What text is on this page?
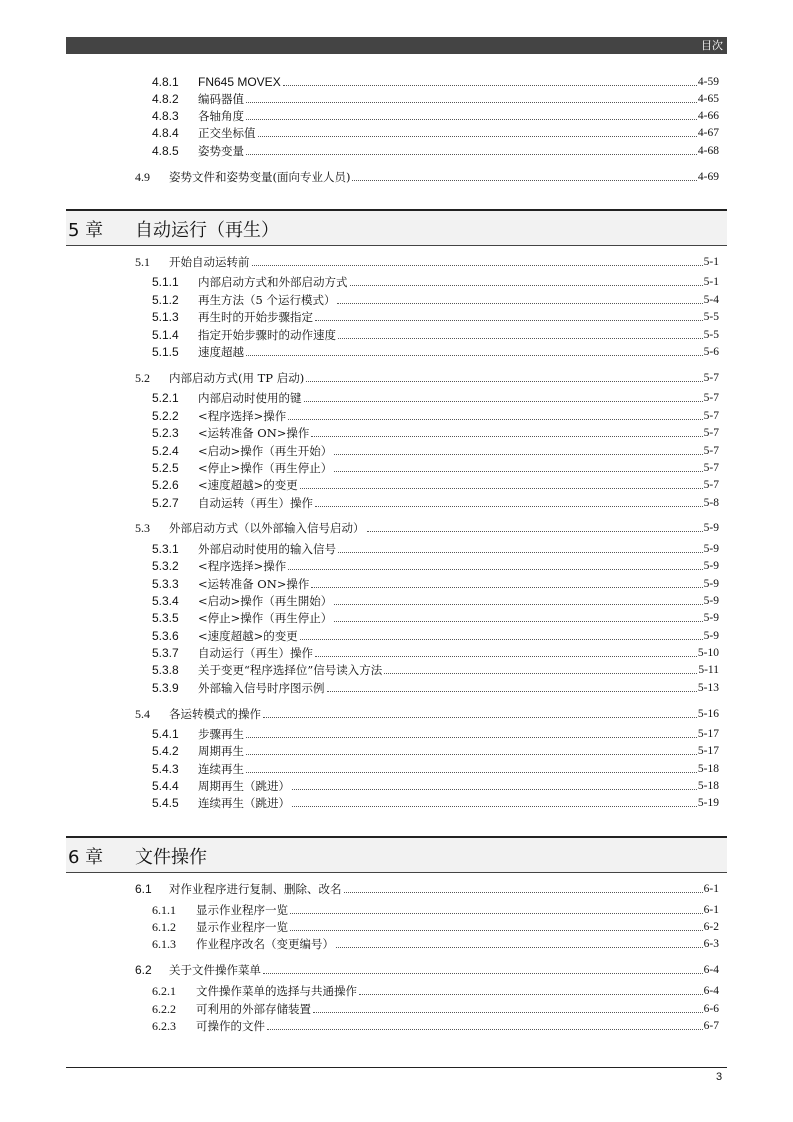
目次
4.8.1	FN645 MOVEX	4-59
4.8.2	编码器值	4-65
4.8.3	各轴角度	4-66
4.8.4	正交坐标值	4-67
4.8.5	姿势变量	4-68
4.9	姿势文件和姿势变量(面向专业人员)	4-69
5 章 自动运行（再生）
5.1	开始自动运转前	5-1
5.1.1	内部启动方式和外部启动方式	5-1
5.1.2	再生方法（5 个运行模式）	5-4
5.1.3	再生时的开始步骤指定	5-5
5.1.4	指定开始步骤时的动作速度	5-5
5.1.5	速度超越	5-6
5.2	内部启动方式(用 TP 启动)	5-7
5.2.1	内部启动时使用的键	5-7
5.2.2	<程序选择>操作	5-7
5.2.3	<运转准备 ON>操作	5-7
5.2.4	<启动>操作（再生开始）	5-7
5.2.5	<停止>操作（再生停止）	5-7
5.2.6	<速度超越>的变更	5-7
5.2.7	自动运转（再生）操作	5-8
5.3	外部启动方式（以外部输入信号启动）	5-9
5.3.1	外部启动时使用的输入信号	5-9
5.3.2	<程序选择>操作	5-9
5.3.3	<运转准备 ON>操作	5-9
5.3.4	<启动>操作（再生開始）	5-9
5.3.5	<停止>操作（再生停止）	5-9
5.3.6	<速度超越>的变更	5-9
5.3.7	自动运行（再生）操作	5-10
5.3.8	关于变更“程序选择位”信号读入方法	5-11
5.3.9	外部输入信号时序图示例	5-13
5.4	各运转模式的操作	5-16
5.4.1	步骤再生	5-17
5.4.2	周期再生	5-17
5.4.3	连续再生	5-18
5.4.4	周期再生（跳进）	5-18
5.4.5	连续再生（跳进）	5-19
6 章 文件操作
6.1	对作业程序进行复制、删除、改名	6-1
6.1.1	显示作业程序一览	6-1
6.1.2	显示作业程序一览	6-2
6.1.3	作业程序改名（变更编号）	6-3
6.2	关于文件操作菜单	6-4
6.2.1	文件操作菜单的选择与共通操作	6-4
6.2.2	可利用的外部存储装置	6-6
6.2.3	可操作的文件	6-7
3
